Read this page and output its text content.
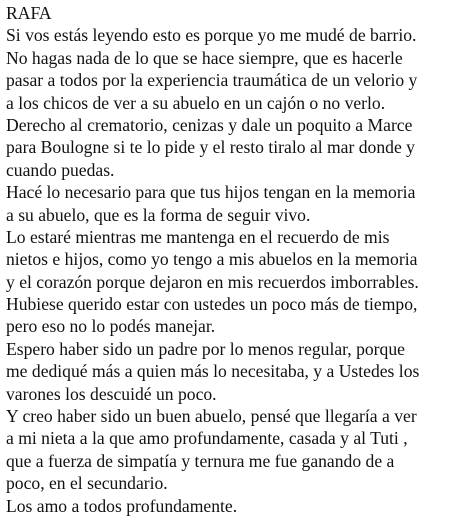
RAFA
Si vos estás leyendo esto es porque yo me mudé de barrio.
No hagas nada de lo que se hace siempre, que es hacerle
pasar a todos por la experiencia traumática de un velorio y
a los chicos de ver a su abuelo en un cajón o no verlo.
Derecho al crematorio, cenizas y dale un poquito a Marce
para Boulogne si te lo pide y el resto tiralo al mar donde y
cuando puedas.
Hacé lo necesario para que tus hijos tengan en la memoria
a su abuelo, que es la forma de seguir vivo.
Lo estaré mientras me mantenga en el recuerdo de mis
nietos e hijos, como yo tengo a mis abuelos en la memoria
y el corazón porque dejaron en mis recuerdos imborrables.
Hubiese querido estar con ustedes un poco más de tiempo,
pero eso no lo podés manejar.
Espero haber sido un padre por lo menos regular, porque
me dediqué más a quien más lo necesitaba, y a Ustedes los
varones los descuidé un poco.
Y creo haber sido un buen abuelo, pensé que llegaría a ver
a mi nieta a la que amo profundamente, casada y al Tuti ,
que a fuerza de simpatía y ternura me fue ganando de a
poco, en el secundario.
Los amo a todos profundamente.
